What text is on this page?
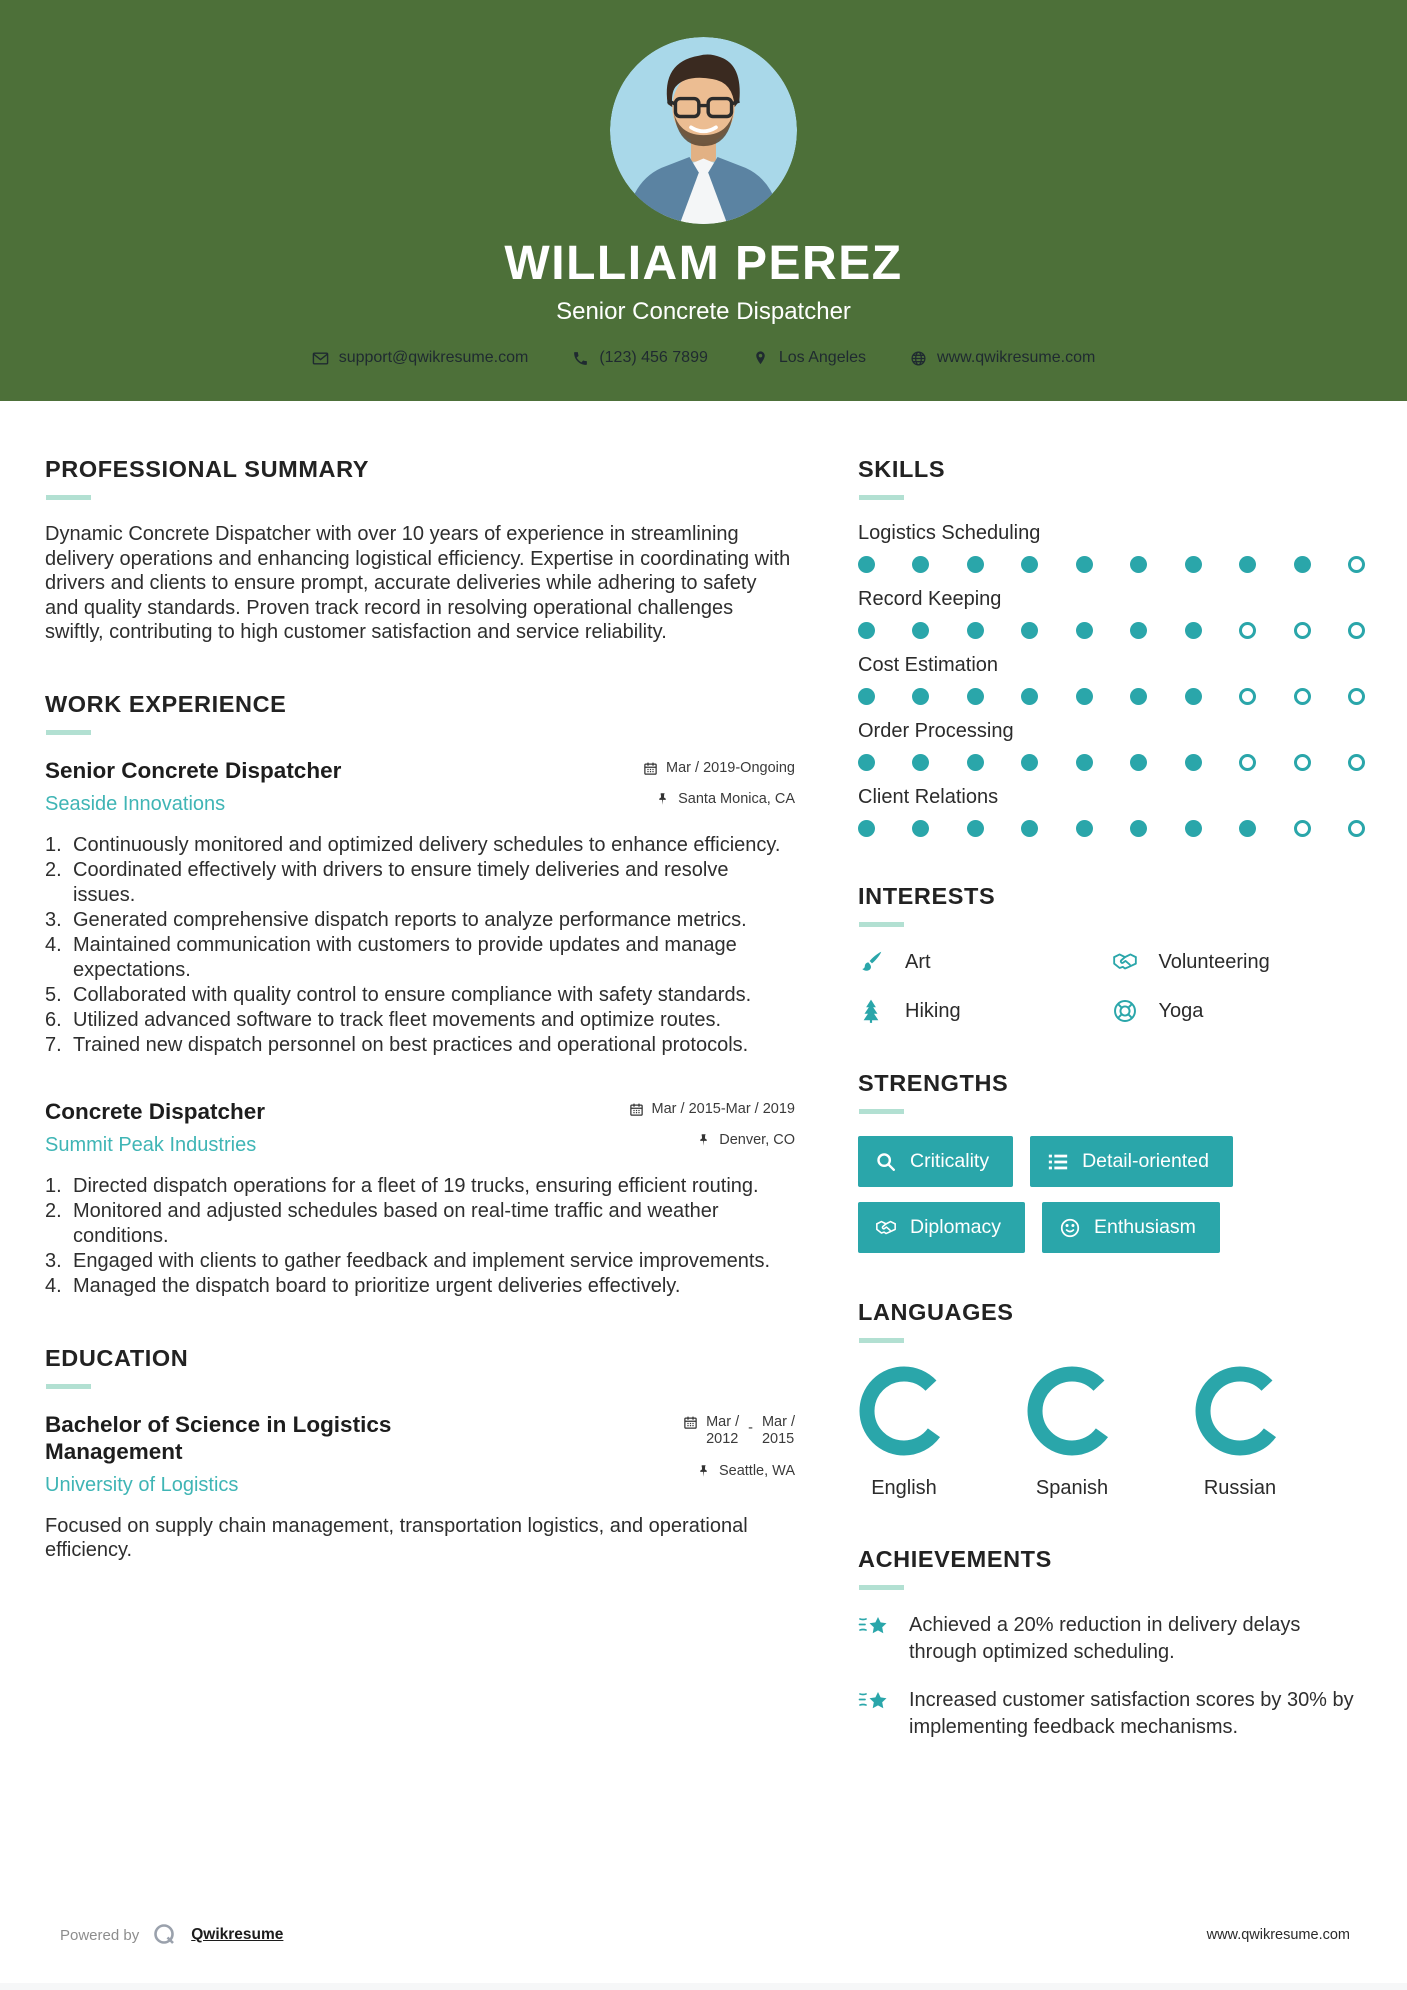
WILLIAM PEREZ
Senior Concrete Dispatcher
support@qwikresume.com	(123) 456 7899	Los Angeles	www.qwikresume.com
PROFESSIONAL SUMMARY

Dynamic Concrete Dispatcher with over 10 years of experience in streamlining delivery operations and enhancing logistical efficiency. Expertise in coordinating with drivers and clients to ensure prompt, accurate deliveries while adhering to safety and quality standards. Proven track record in resolving operational challenges swiftly, contributing to high customer satisfaction and service reliability.

WORK EXPERIENCE
Senior Concrete Dispatcher
Seaside Innovations
Mar / 2019-Ongoing
Santa Monica, CA
Continuously monitored and optimized delivery schedules to enhance efficiency.
Coordinated effectively with drivers to ensure timely deliveries and resolve issues.
Generated comprehensive dispatch reports to analyze performance metrics.
Maintained communication with customers to provide updates and manage expectations.
Collaborated with quality control to ensure compliance with safety standards.
Utilized advanced software to track fleet movements and optimize routes.
Trained new dispatch personnel on best practices and operational protocols.
Concrete Dispatcher
Summit Peak Industries
Mar / 2015-Mar / 2019
Denver, CO
Directed dispatch operations for a fleet of 19 trucks, ensuring efficient routing.
Monitored and adjusted schedules based on real-time traffic and weather conditions.
Engaged with clients to gather feedback and implement service improvements.
Managed the dispatch board to prioritize urgent deliveries effectively.
EDUCATION
Bachelor of Science in Logistics Management
University of Logistics
Mar /
2012
- Mar /
2015
Seattle, WA

Focused on supply chain management, transportation logistics, and operational efficiency.

SKILLS
Logistics Scheduling
Record Keeping
Cost Estimation
Order Processing
Client Relations
INTERESTS
Art	Volunteering
Hiking	Yoga
STRENGTHS
Criticality	Detail-oriented
Diplomacy	Enthusiasm
LANGUAGES
English	Spanish	Russian
ACHIEVEMENTS
Achieved a 20% reduction in delivery delays through optimized scheduling.
Increased customer satisfaction scores by 30% by implementing feedback mechanisms.
Powered by	Qwikresume	www.qwikresume.com
